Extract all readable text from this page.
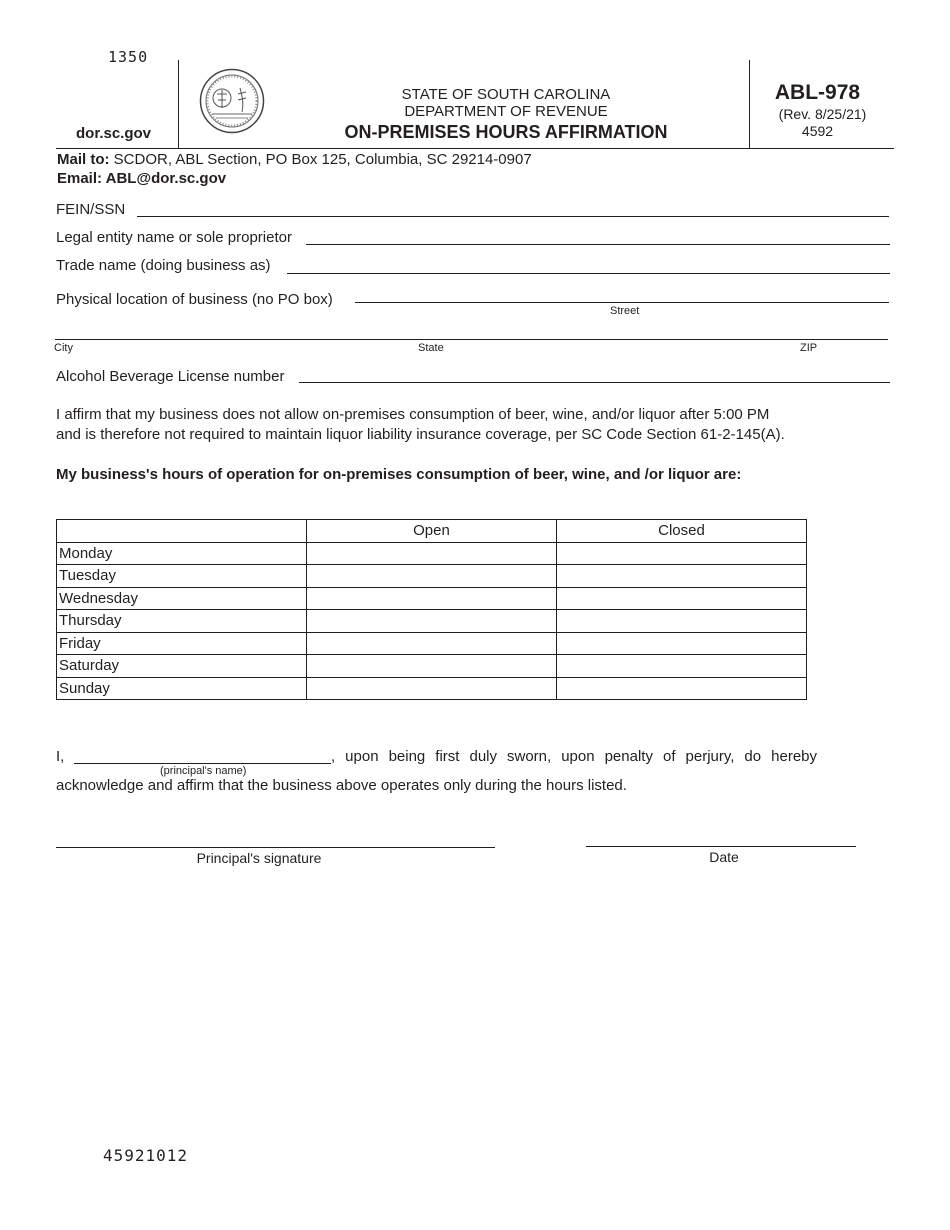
1350
dor.sc.gov
STATE OF SOUTH CAROLINA
DEPARTMENT OF REVENUE
ON-PREMISES HOURS AFFIRMATION
ABL-978
(Rev. 8/25/21)
4592
Mail to: SCDOR, ABL Section, PO Box 125, Columbia, SC 29214-0907
Email: ABL@dor.sc.gov
FEIN/SSN
Legal entity name or sole proprietor
Trade name (doing business as)
Physical location of business (no PO box)
Street
City	State	ZIP
Alcohol Beverage License number
I affirm that my business does not allow on-premises consumption of beer, wine, and/or liquor after 5:00 PM
and is therefore not required to maintain liquor liability insurance coverage, per SC Code Section 61-2-145(A).
My business's hours of operation for on-premises consumption of beer, wine, and /or liquor are:
	Open	Closed
Monday		
Tuesday		
Wednesday		
Thursday		
Friday		
Saturday		
Sunday		
I,	, upon being first duly sworn, upon penalty of perjury, do hereby
(principal's name)
acknowledge and affirm that the business above operates only during the hours listed.
Principal's signature	Date
45921012
